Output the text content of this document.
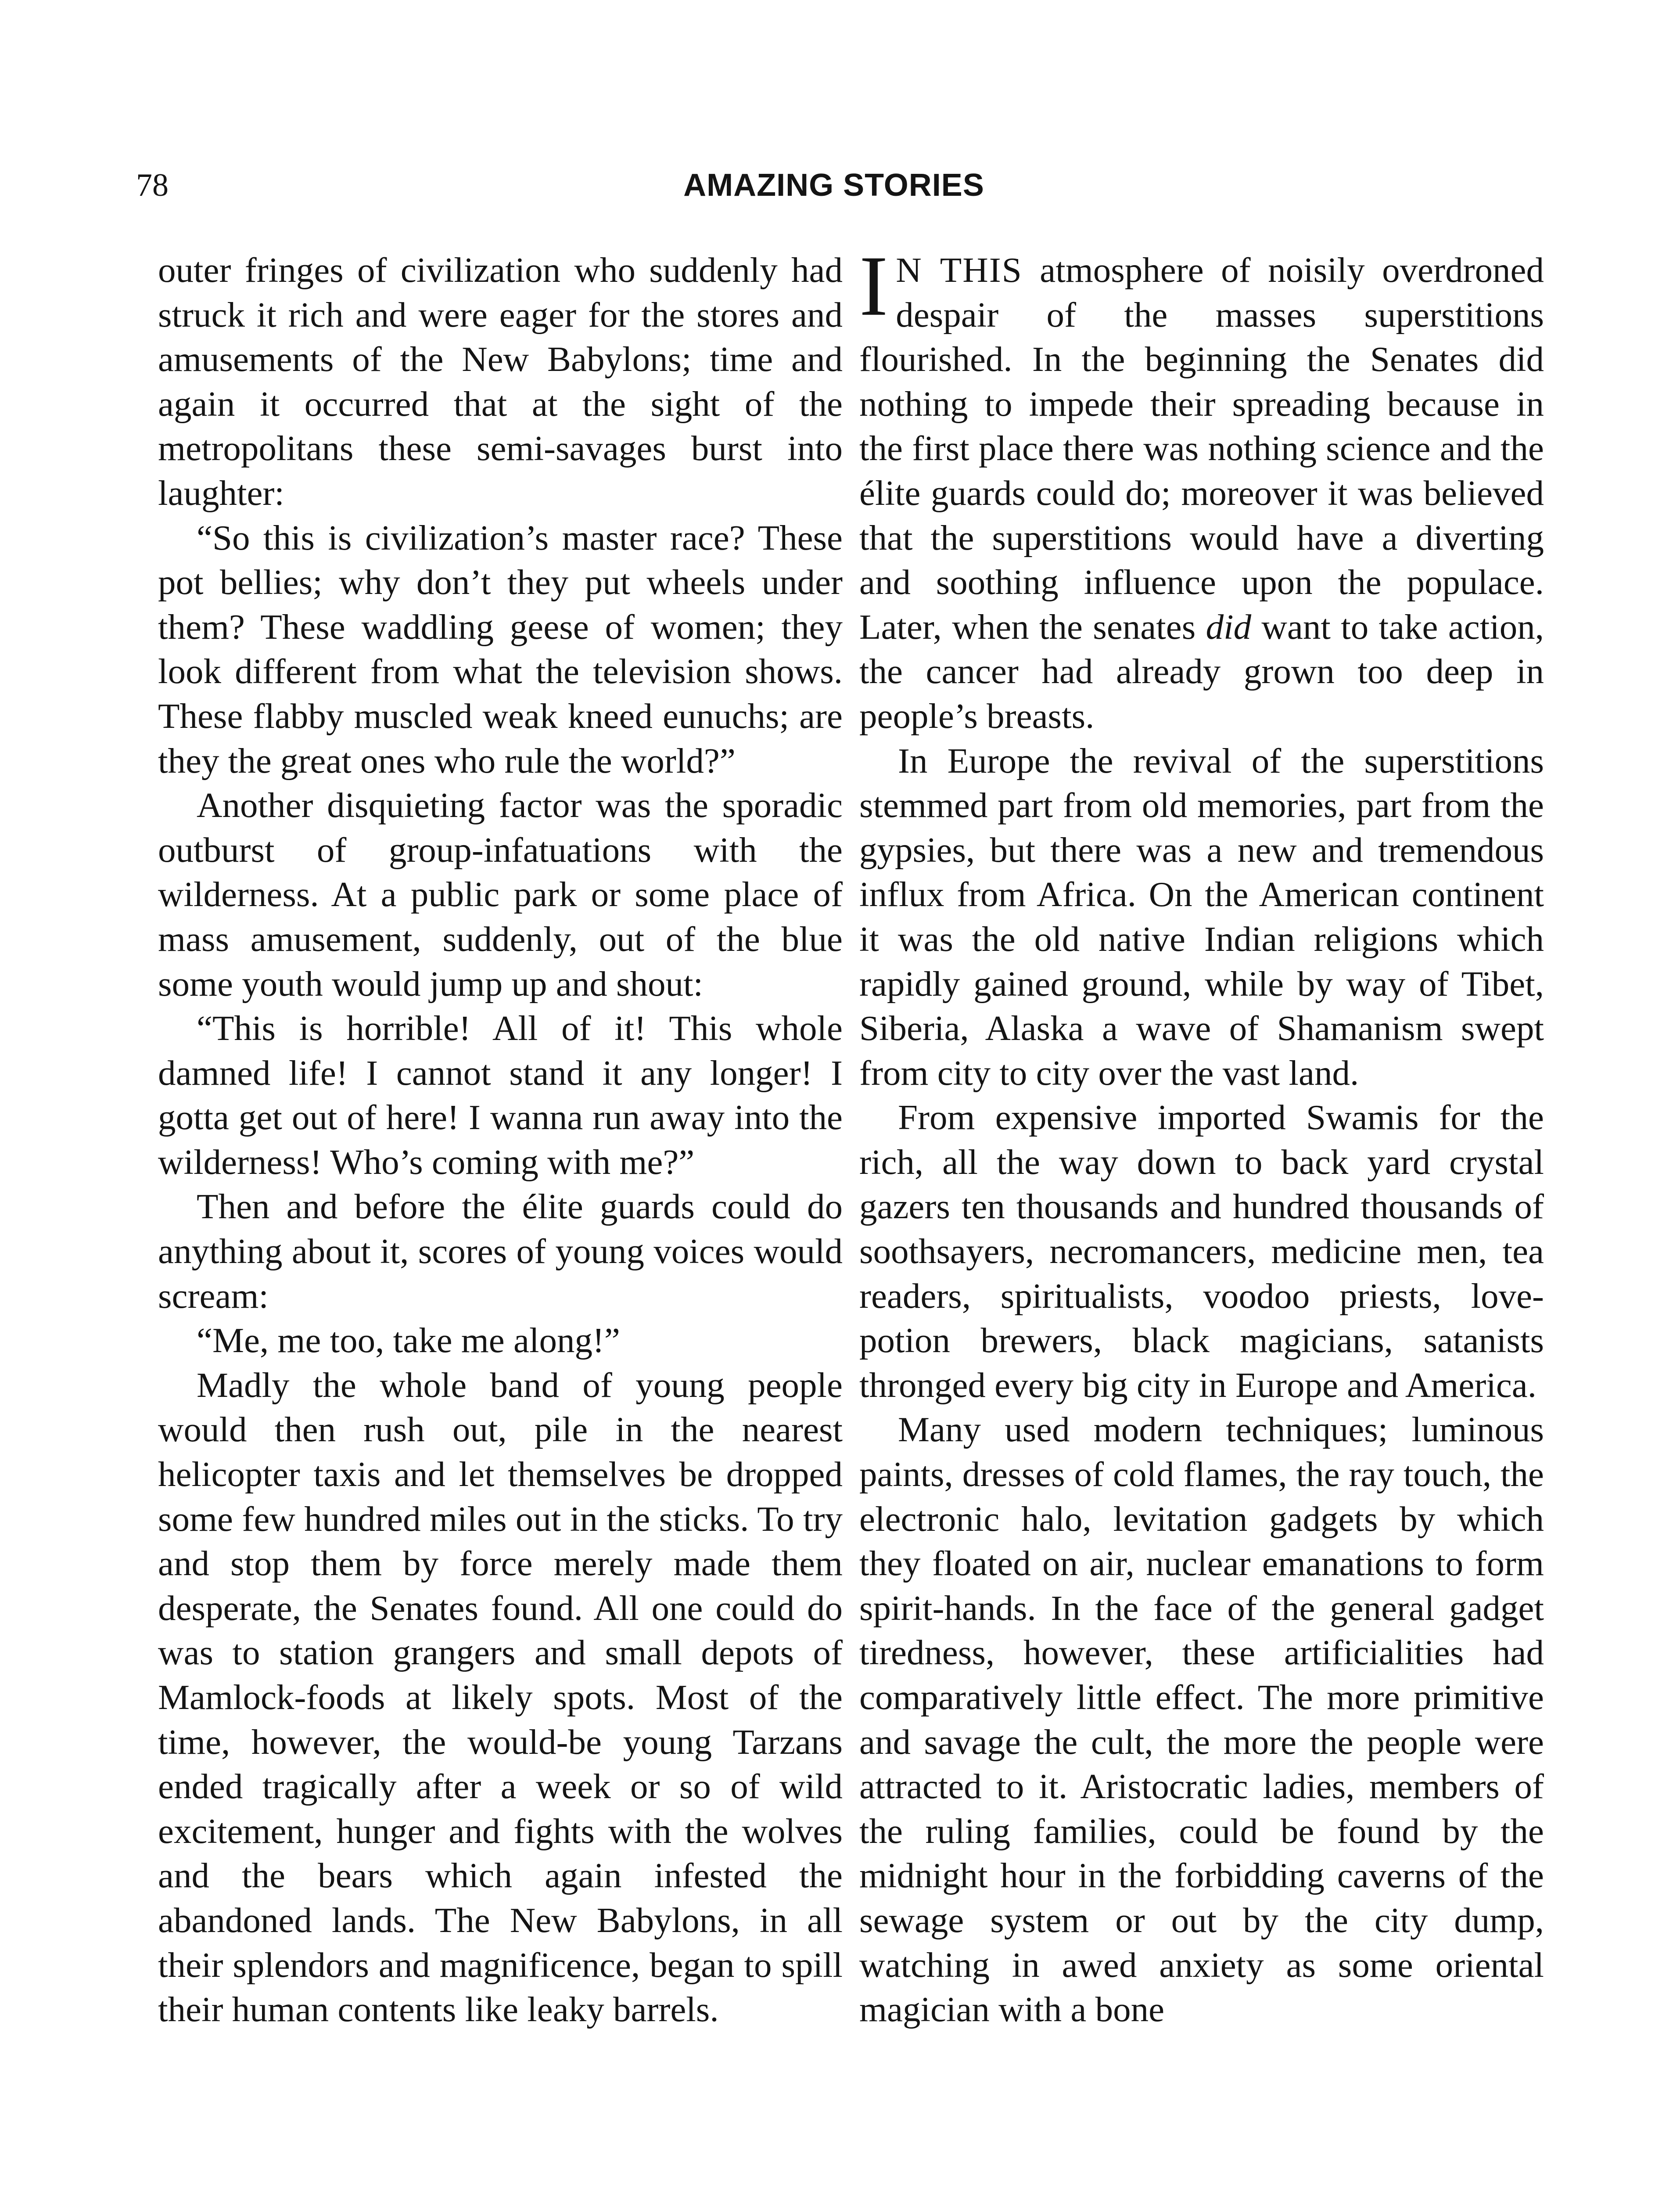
78	AMAZING STORIES

outer fringes of civilization who suddenly had struck it rich and were eager for the stores and amusements of the New Babylons; time and again it occurred that at the sight of the metropolitans these semi-savages burst into laughter:

“So this is civilization’s master race? These pot bellies; why don’t they put wheels under them? These waddling geese of women; they look different from what the television shows. These flabby muscled weak kneed eunuchs; are they the great ones who rule the world?”

Another disquieting factor was the sporadic outburst of group-infatuations with the wilderness. At a public park or some place of mass amusement, suddenly, out of the blue some youth would jump up and shout:

“This is horrible! All of it! This whole damned life! I cannot stand it any longer! I gotta get out of here! I wanna run away into the wilderness! Who’s coming with me?”

Then and before the élite guards could do anything about it, scores of young voices would scream:

“Me, me too, take me along!”

Madly the whole band of young people would then rush out, pile in the nearest helicopter taxis and let themselves be dropped some few hundred miles out in the sticks. To try and stop them by force merely made them desperate, the Senates found. All one could do was to station grangers and small depots of Mamlock-foods at likely spots. Most of the time, however, the would-be young Tarzans ended tragically after a week or so of wild excitement, hunger and fights with the wolves and the bears which again infested the abandoned lands. The New Babylons, in all their splendors and magnificence, began to spill their human contents like leaky barrels.

I N THIS atmosphere of noisily overdroned despair of the masses superstitions flourished. In the beginning the Senates did nothing to impede their spreading because in the first place there was nothing science and the élite guards could do; moreover it was believed that the superstitions would have a diverting and soothing influence upon the populace. Later, when the senates did want to take action, the cancer had already grown too deep in people’s breasts.

In Europe the revival of the superstitions stemmed part from old memories, part from the gypsies, but there was a new and tremendous influx from Africa. On the American continent it was the old native Indian religions which rapidly gained ground, while by way of Tibet, Siberia, Alaska a wave of Shamanism swept from city to city over the vast land.

From expensive imported Swamis for the rich, all the way down to back yard crystal gazers ten thousands and hundred thousands of soothsayers, necromancers, medicine men, tea readers, spiritualists, voodoo priests, love-potion brewers, black magicians, satanists thronged every big city in Europe and America.

Many used modern techniques; luminous paints, dresses of cold flames, the ray touch, the electronic halo, levitation gadgets by which they floated on air, nuclear emanations to form spirit-hands. In the face of the general gadget tiredness, however, these artificialities had comparatively little effect. The more primitive and savage the cult, the more the people were attracted to it. Aristocratic ladies, members of the ruling families, could be found by the midnight hour in the forbidding caverns of the sewage system or out by the city dump, watching in awed anxiety as some oriental magician with a bone
